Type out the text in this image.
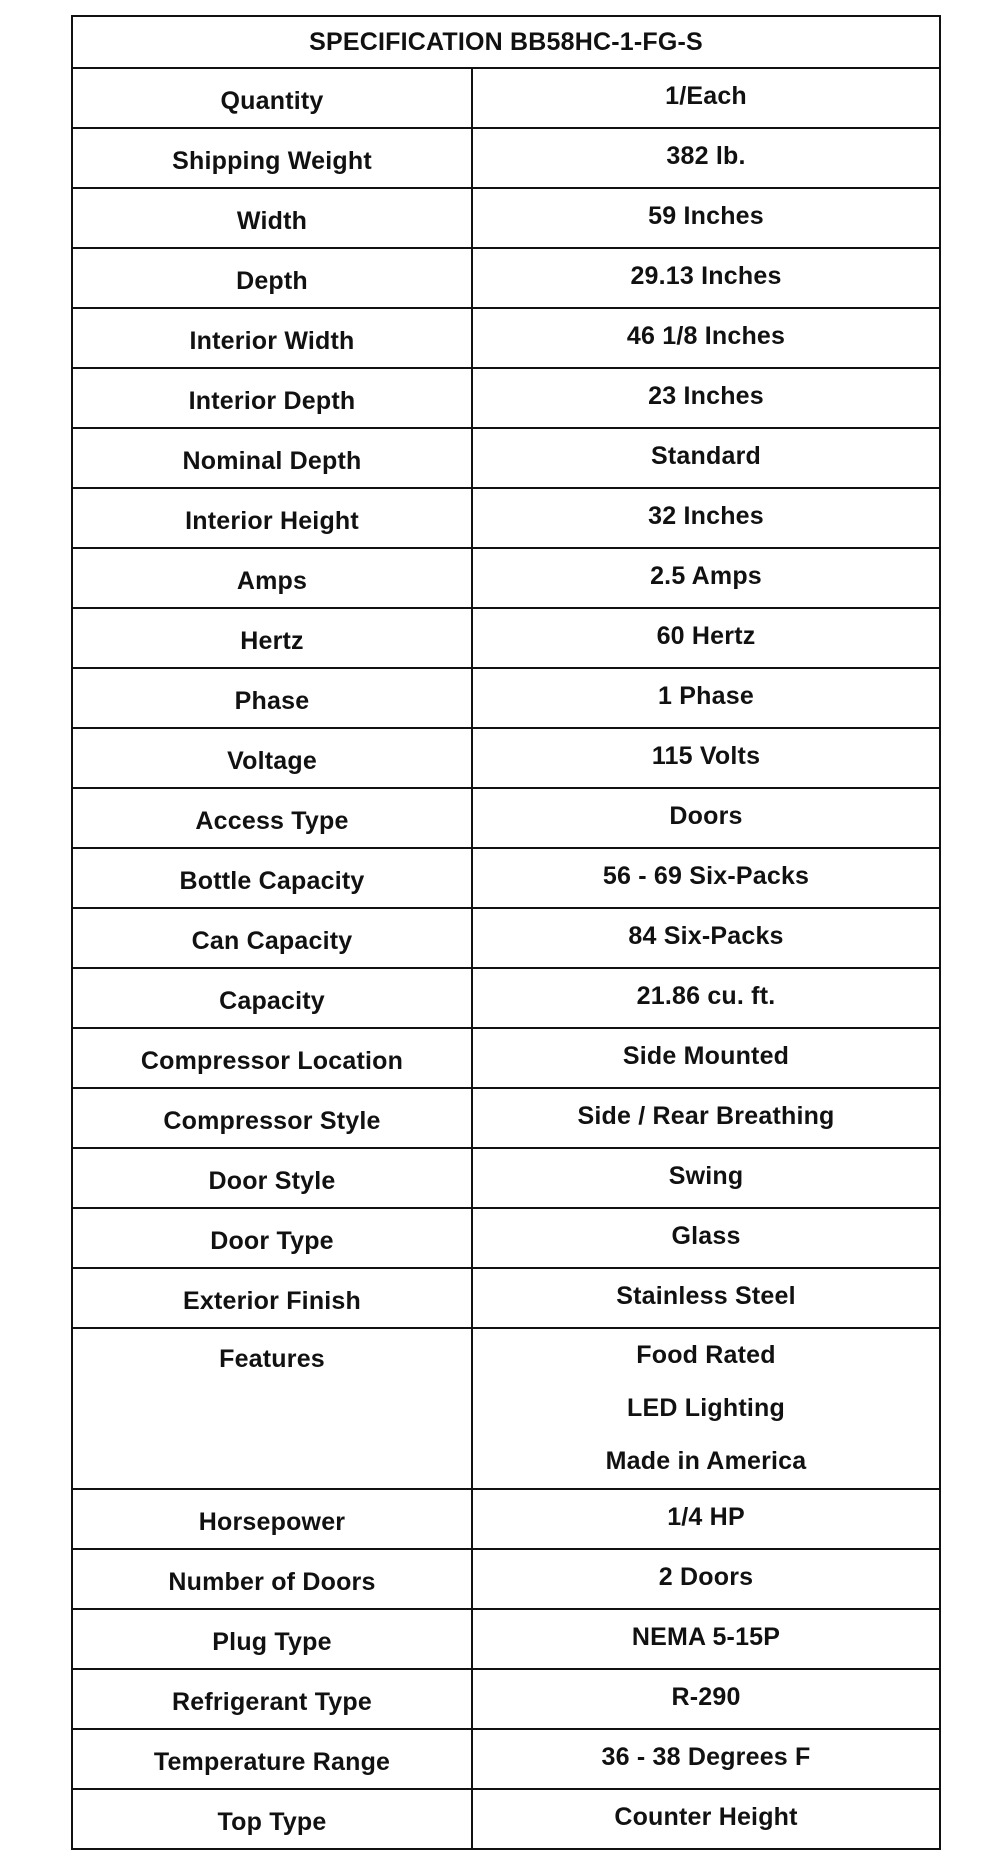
SPECIFICATION BB58HC-1-FG-S	
Quantity	1/Each
Shipping Weight	382 lb.
Width	59 Inches
Depth	29.13 Inches
Interior Width	46 1/8 Inches
Interior Depth	23 Inches
Nominal Depth	Standard
Interior Height	32 Inches
Amps	2.5 Amps
Hertz	60 Hertz
Phase	1 Phase
Voltage	115 Volts
Access Type	Doors
Bottle Capacity	56 - 69 Six-Packs
Can Capacity	84 Six-Packs
Capacity	21.86 cu. ft.
Compressor Location	Side Mounted
Compressor Style	Side / Rear Breathing
Door Style	Swing
Door Type	Glass
Exterior Finish	Stainless Steel
Features	Food Rated
LED Lighting
Made in America

Horsepower	1/4 HP
Number of Doors	2 Doors
Plug Type	NEMA 5-15P
Refrigerant Type	R-290
Temperature Range	36 - 38 Degrees F
Top Type	Counter Height
